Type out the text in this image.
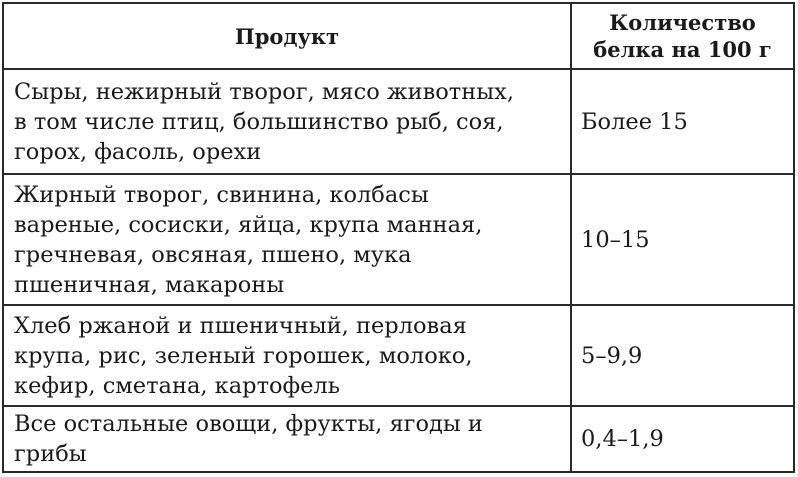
Продукт
Количество
белка на 100 г
Сыры, нежирный творог, мясо животных,
в том числе птиц, большинство рыб, соя,
горох, фасоль, орехи
Более 15
Жирный творог, свинина, колбасы
вареные, сосиски, яйца, крупа манная,
гречневая, овсяная, пшено, мука
пшеничная, макароны
10–15
Хлеб ржаной и пшеничный, перловая
крупа, рис, зеленый горошек, молоко,
кефир, сметана, картофель
5–9,9
Все остальные овощи, фрукты, ягоды и
грибы
0,4–1,9
